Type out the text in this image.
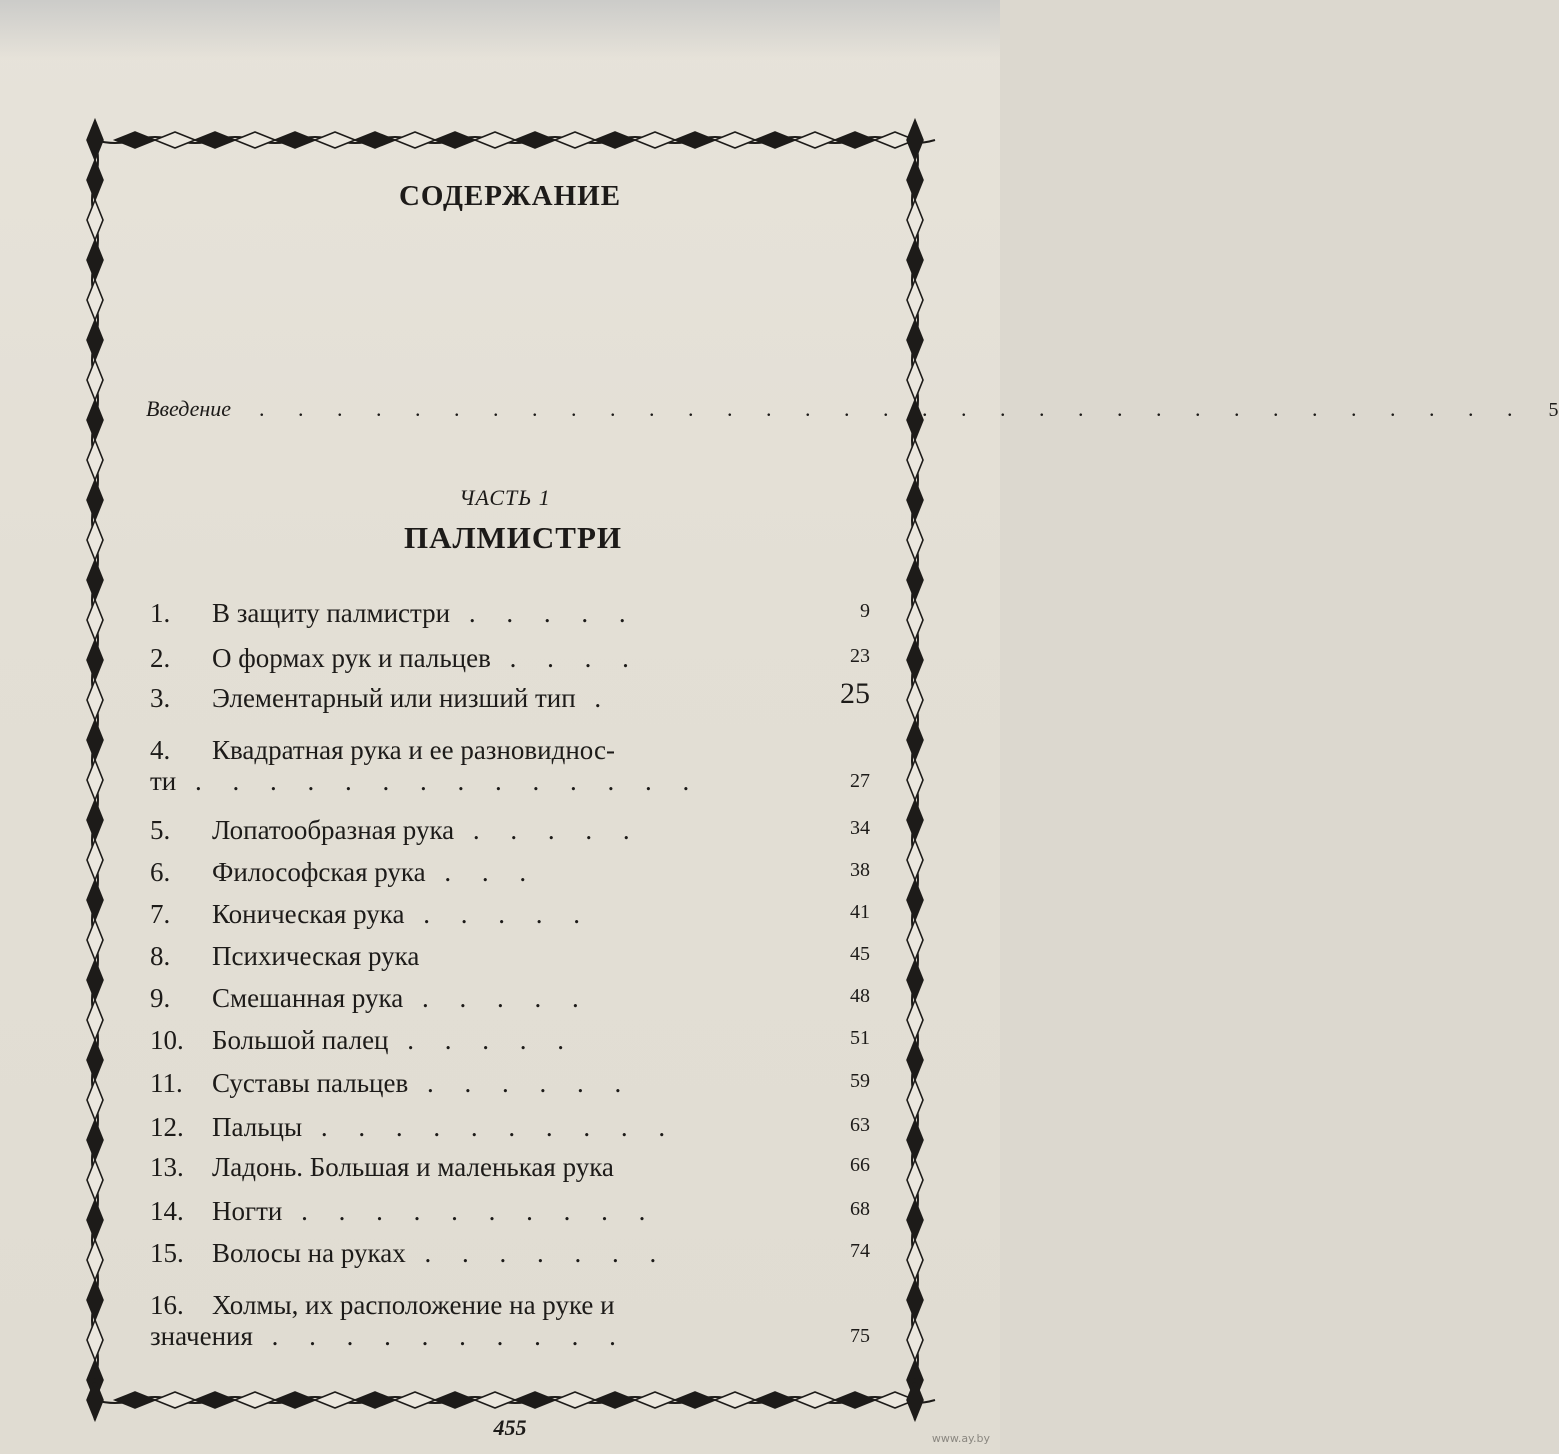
СОДЕРЖАНИЕ
Введение . . . . . . . . . . . . . . . . . . . . . . . . . . . . . . . . . 5
ЧАСТЬ 1
ПАЛМИСТРИ
1. В защиту палмистри . . . . .	9
2. О формах рук и пальцев . . . .	23
3. Элементарный или низший тип .	25
4. Квадратная рука и ее разновиднос-
ти . . . . . . . . . . . . . .	27
5. Лопатообразная рука . . . . .	34
6. Философская рука . . .	38
7. Коническая рука . . . . .	41
8. Психическая рука	45
9. Смешанная рука . . . . .	48
10. Большой палец . . . . .	51
11. Суставы пальцев . . . . . .	59
12. Пальцы . . . . . . . . . .	63
13. Ладонь. Большая и маленькая рука	66
14. Ногти . . . . . . . . . .	68
15. Волосы на руках . . . . . . .	74
16. Холмы, их расположение на руке и
значения . . . . . . . . . .	75
455	www.ay.by
